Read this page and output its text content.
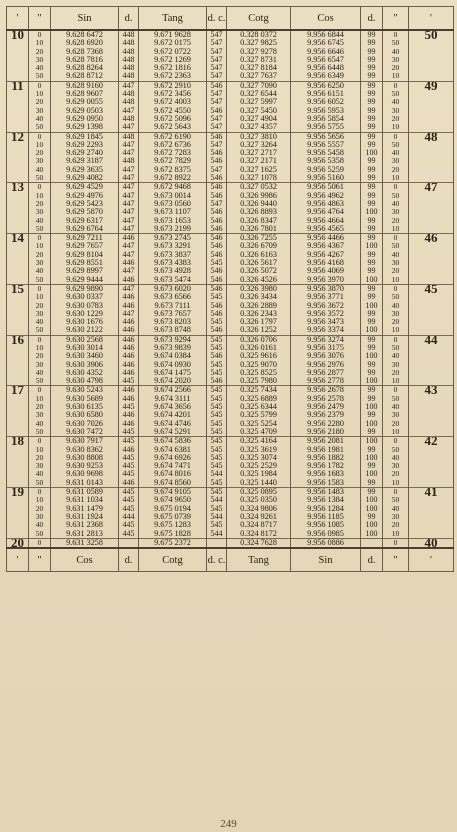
'	"	Sin	d.	Tang	d. c.	Cotg	Cos	d.	"	'
10	0	9.628 6472	448	9.671 9628	547	0.328 0372	9.956 6844	99	0	50
	10	9.628 6920	448	9.672 0175	547	0.327 9825	9.956 6745	99	50	
	20	9.628 7368	448	9.672 0722	547	0.327 9278	9.956 6646	99	40	
	30	9.628 7816	448	9.672 1269	547	0.327 8731	9.956 6547	99	30	
	40	9.628 8264	448	9.672 1816	547	0.327 8184	9.956 6448	99	20	
	50	9.628 8712	448	9.672 2363	547	0.327 7637	9.956 6349	99	10	
11	0	9.628 9160	447	9.672 2910	546	0.327 7090	9.956 6250	99	0	49
	10	9.628 9607	448	9.672 3456	547	0.327 6544	9.956 6151	99	50	
	20	9.629 0055	448	9.672 4003	547	0.327 5997	9.956 6052	99	40	
	30	9.629 0503	447	9.672 4550	546	0.327 5450	9.956 5953	99	30	
	40	9.629 0950	448	9.672 5096	547	0.327 4904	9.956 5854	99	20	
	50	9.629 1398	447	9.672 5643	547	0.327 4357	9.956 5755	99	10	
12	0	9.629 1845	448	9.672 6190	546	0.327 3810	9.956 5656	99	0	48
	10	9.629 2293	447	9.672 6736	547	0.327 3264	9.956 5557	99	50	
	20	9.629 2740	447	9.672 7283	546	0.327 2717	9.956 5458	100	40	
	30	9.629 3187	448	9.672 7829	546	0.327 2171	9.956 5358	99	30	
	40	9.629 3635	447	9.672 8375	547	0.327 1625	9.956 5259	99	20	
	50	9.629 4082	447	9.672 8922	546	0.327 1078	9.956 5160	99	10	
13	0	9.629 4529	447	9.672 9468	546	0.327 0532	9.956 5061	99	0	47
	10	9.629 4976	447	9.673 0014	546	0.326 9986	9.956 4962	99	50	
	20	9.629 5423	447	9.673 0560	547	0.326 9440	9.956 4863	99	40	
	30	9.629 5870	447	9.673 1107	546	0.326 8893	9.956 4764	100	30	
	40	9.629 6317	447	9.673 1653	546	0.326 8347	9.956 4664	99	20	
	50	9.629 6764	447	9.673 2199	546	0.326 7801	9.956 4565	99	10	
14	0	9.629 7211	446	9.673 2745	546	0.326 7255	9.956 4466	99	0	46
	10	9.629 7657	447	9.673 3291	546	0.326 6709	9.956 4367	100	50	
	20	9.629 8104	447	9.673 3837	546	0.326 6163	9.956 4267	99	40	
	30	9.629 8551	446	9.673 4383	545	0.326 5617	9.956 4168	99	30	
	40	9.629 8997	447	9.673 4928	546	0.326 5072	9.956 4069	99	20	
	50	9.629 9444	446	9.673 5474	546	0.326 4526	9.956 3970	100	10	
15	0	9.629 9890	447	9.673 6020	546	0.326 3980	9.956 3870	99	0	45
	10	9.630 0337	446	9.673 6566	545	0.326 3434	9.956 3771	99	50	
	20	9.630 0783	446	9.673 7111	546	0.326 2889	9.956 3672	100	40	
	30	9.630 1229	447	9.673 7657	546	0.326 2343	9.956 3572	99	30	
	40	9.630 1676	446	9.673 8203	545	0.326 1797	9.956 3473	99	20	
	50	9.630 2122	446	9.673 8748	546	0.326 1252	9.956 3374	100	10	
16	0	9.630 2568	446	9.673 9294	545	0.326 0706	9.956 3274	99	0	44
	10	9.630 3014	446	9.673 9839	545	0.326 0161	9.956 3175	99	50	
	20	9.630 3460	446	9.674 0384	546	0.325 9616	9.956 3076	100	40	
	30	9.630 3906	446	9.674 0930	545	0.325 9070	9.956 2976	99	30	
	40	9.630 4352	446	9.674 1475	545	0.325 8525	9.956 2877	99	20	
	50	9.630 4798	445	9.674 2020	546	0.325 7980	9.956 2778	100	10	
17	0	9.630 5243	446	9.674 2566	545	0.325 7434	9.956 2678	99	0	43
	10	9.630 5689	446	9.674 3111	545	0.325 6889	9.956 2578	99	50	
	20	9.630 6135	445	9.674 3656	545	0.325 6344	9.956 2479	100	40	
	30	9.630 6580	446	9.674 4201	545	0.325 5799	9.956 2379	99	30	
	40	9.630 7026	446	9.674 4746	545	0.325 5254	9.956 2280	100	20	
	50	9.630 7472	445	9.674 5291	545	0.325 4709	9.956 2180	99	10	
18	0	9.630 7917	445	9.674 5836	545	0.325 4164	9.956 2081	100	0	42
	10	9.630 8362	446	9.674 6381	545	0.325 3619	9.956 1981	99	50	
	20	9.630 8808	445	9.674 6926	545	0.325 3074	9.956 1882	100	40	
	30	9.630 9253	445	9.674 7471	545	0.325 2529	9.956 1782	99	30	
	40	9.630 9698	445	9.674 8016	544	0.325 1984	9.956 1683	100	20	
	50	9.631 0143	446	9.674 8560	545	0.325 1440	9.956 1583	99	10	
19	0	9.631 0589	445	9.674 9105	545	0.325 0895	9.956 1483	99	0	41
	10	9.631 1034	445	9.674 9650	544	0.325 0350	9.956 1384	100	50	
	20	9.631 1479	445	9.675 0194	545	0.324 9806	9.956 1284	100	40	
	30	9.631 1924	444	9.675 0739	544	0.324 9261	9.956 1185	99	30	
	40	9.631 2368	445	9.675 1283	545	0.324 8717	9.956 1085	100	20	
	50	9.631 2813	445	9.675 1828	544	0.324 8172	9.956 0985	100	10	
20	0	9.631 3258		9.675 2372		0.324 7628	9.956 0886		0	40
'	"	Cos	d.	Cotg	d. c.	Tang	Sin	d.	"	'
249
